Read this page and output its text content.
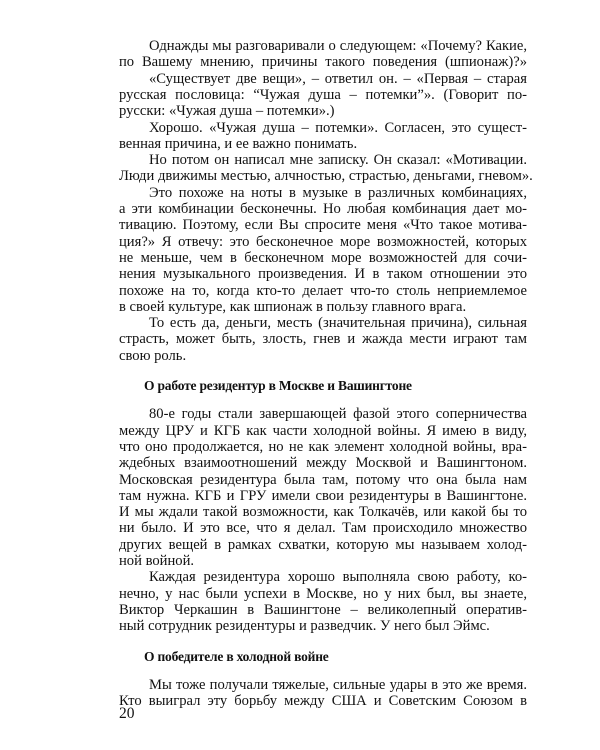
Однажды мы разговаривали о следующем: «Почему? Какие,
по Вашему мнению, причины такого поведения (шпионаж)?»
«Существует две вещи», – ответил он. – «Первая – старая
русская пословица: “Чужая душа – потемки”». (Говорит по-
русски: «Чужая душа – потемки».)
Хорошо. «Чужая душа – потемки». Согласен, это сущест-
венная причина, и ее важно понимать.
Но потом он написал мне записку. Он сказал: «Мотивации.
Люди движимы местью, алчностью, страстью, деньгами, гневом».
Это похоже на ноты в музыке в различных комбинациях,
а эти комбинации бесконечны. Но любая комбинация дает мо-
тивацию. Поэтому, если Вы спросите меня «Что такое мотива-
ция?» Я отвечу: это бесконечное море возможностей, которых
не меньше, чем в бесконечном море возможностей для сочи-
нения музыкального произведения. И в таком отношении это
похоже на то, когда кто-то делает что-то столь неприемлемое
в своей культуре, как шпионаж в пользу главного врага.
То есть да, деньги, месть (значительная причина), сильная
страсть, может быть, злость, гнев и жажда мести играют там
свою роль.
О работе резидентур в Москве и Вашингтоне
80-е годы стали завершающей фазой этого соперничества
между ЦРУ и КГБ как части холодной войны. Я имею в виду,
что оно продолжается, но не как элемент холодной войны, вра-
ждебных взаимоотношений между Москвой и Вашингтоном.
Московская резидентура была там, потому что она была нам
там нужна. КГБ и ГРУ имели свои резидентуры в Вашингтоне.
И мы ждали такой возможности, как Толкачёв, или какой бы то
ни было. И это все, что я делал. Там происходило множество
других вещей в рамках схватки, которую мы называем холод-
ной войной.
Каждая резидентура хорошо выполняла свою работу, ко-
нечно, у нас были успехи в Москве, но у них был, вы знаете,
Виктор Черкашин в Вашингтоне – великолепный оператив-
ный сотрудник резидентуры и разведчик. У него был Эймс.
О победителе в холодной войне
Мы тоже получали тяжелые, сильные удары в это же время.
Кто выиграл эту борьбу между США и Советским Союзом в
20
